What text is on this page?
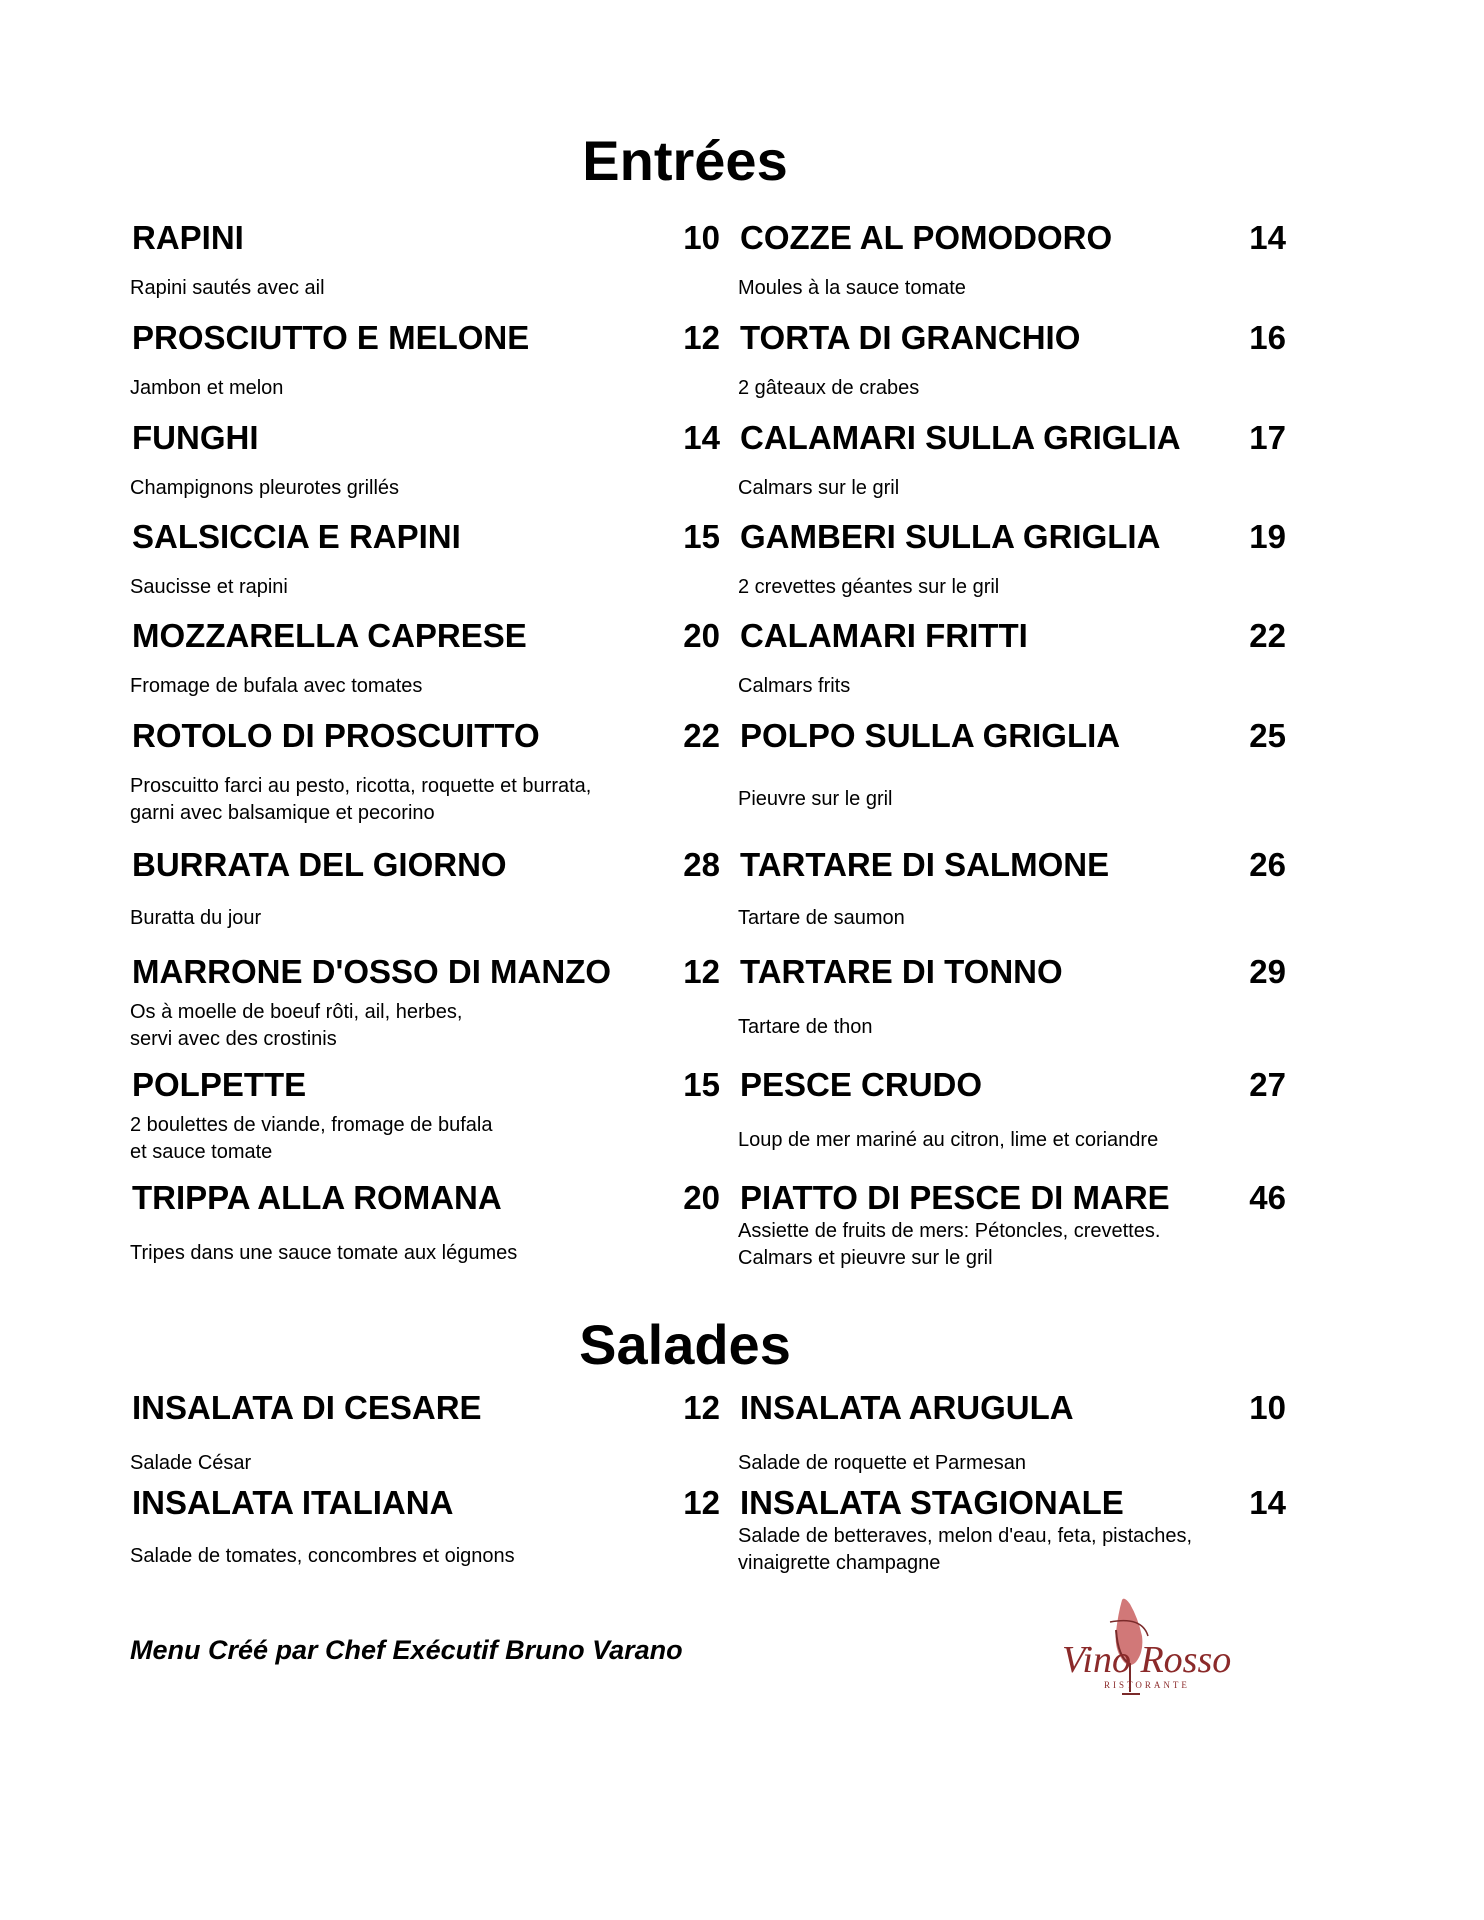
Entrées
Salades
RAPINI	10
Rapini sautés avec ail
PROSCIUTTO E MELONE	12
Jambon et melon
FUNGHI	14
Champignons pleurotes grillés
SALSICCIA E RAPINI	15
Saucisse et rapini
MOZZARELLA CAPRESE	20
Fromage de bufala avec tomates
ROTOLO DI PROSCUITTO	22
Proscuitto farci au pesto, ricotta, roquette et burrata,
garni avec balsamique et pecorino
BURRATA DEL GIORNO	28
Buratta du jour
MARRONE D'OSSO DI MANZO 12
Os à moelle de boeuf rôti, ail, herbes,
servi avec des crostinis
POLPETTE	15
2 boulettes de viande, fromage de bufala
et sauce tomate
TRIPPA ALLA ROMANA	20
Tripes dans une sauce tomate aux légumes
COZZE AL POMODORO	14
Moules à la sauce tomate
TORTA DI GRANCHIO	16
2 gâteaux de crabes
CALAMARI SULLA GRIGLIA 17
Calmars sur le gril
GAMBERI SULLA GRIGLIA	19
2 crevettes géantes sur le gril
CALAMARI FRITTI	22
Calmars frits
POLPO SULLA GRIGLIA	25
Pieuvre sur le gril
TARTARE DI SALMONE	26
Tartare de saumon
TARTARE DI TONNO	29
Tartare de thon
PESCE CRUDO	27
Loup de mer mariné au citron, lime et coriandre
PIATTO DI PESCE DI MARE 46
Assiette de fruits de mers: Pétoncles, crevettes.
Calmars et pieuvre sur le gril
INSALATA DI CESARE	12
Salade César
INSALATA ITALIANA	12
Salade de tomates, concombres et oignons
INSALATA ARUGULA	10
Salade de roquette et Parmesan
INSALATA STAGIONALE	14
Salade de betteraves, melon d'eau, feta, pistaches,
vinaigrette champagne
Menu Créé par Chef Exécutif Bruno Varano	Vino Rosso
RISTORANTE
